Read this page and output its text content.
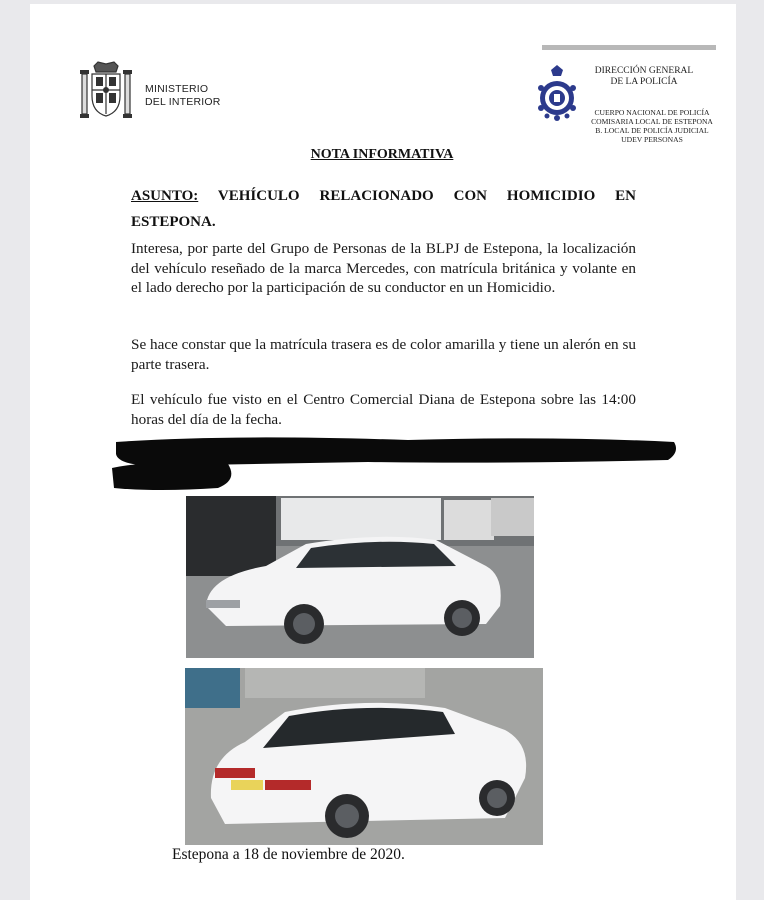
MINISTERIO
DEL INTERIOR
DIRECCIÓN GENERAL
DE LA POLICÍA
CUERPO NACIONAL DE POLICÍA
COMISARIA LOCAL DE ESTEPONA
B. LOCAL DE POLICÍA JUDICIAL
UDEV PERSONAS
NOTA INFORMATIVA
ASUNTO: VEHÍCULO RELACIONADO CON HOMICIDIO EN
ESTEPONA.
Interesa, por parte del Grupo de Personas de la BLPJ de Estepona, la localización del vehículo reseñado de la marca Mercedes, con matrícula británica y volante en el lado derecho por la participación de su conductor en un Homicidio.
Se hace constar que la matrícula trasera es de color amarilla y tiene un alerón en su parte trasera.
El vehículo fue visto en el Centro Comercial Diana de Estepona sobre las 14:00 horas del día de la fecha.
Estepona a 18 de noviembre de 2020.
